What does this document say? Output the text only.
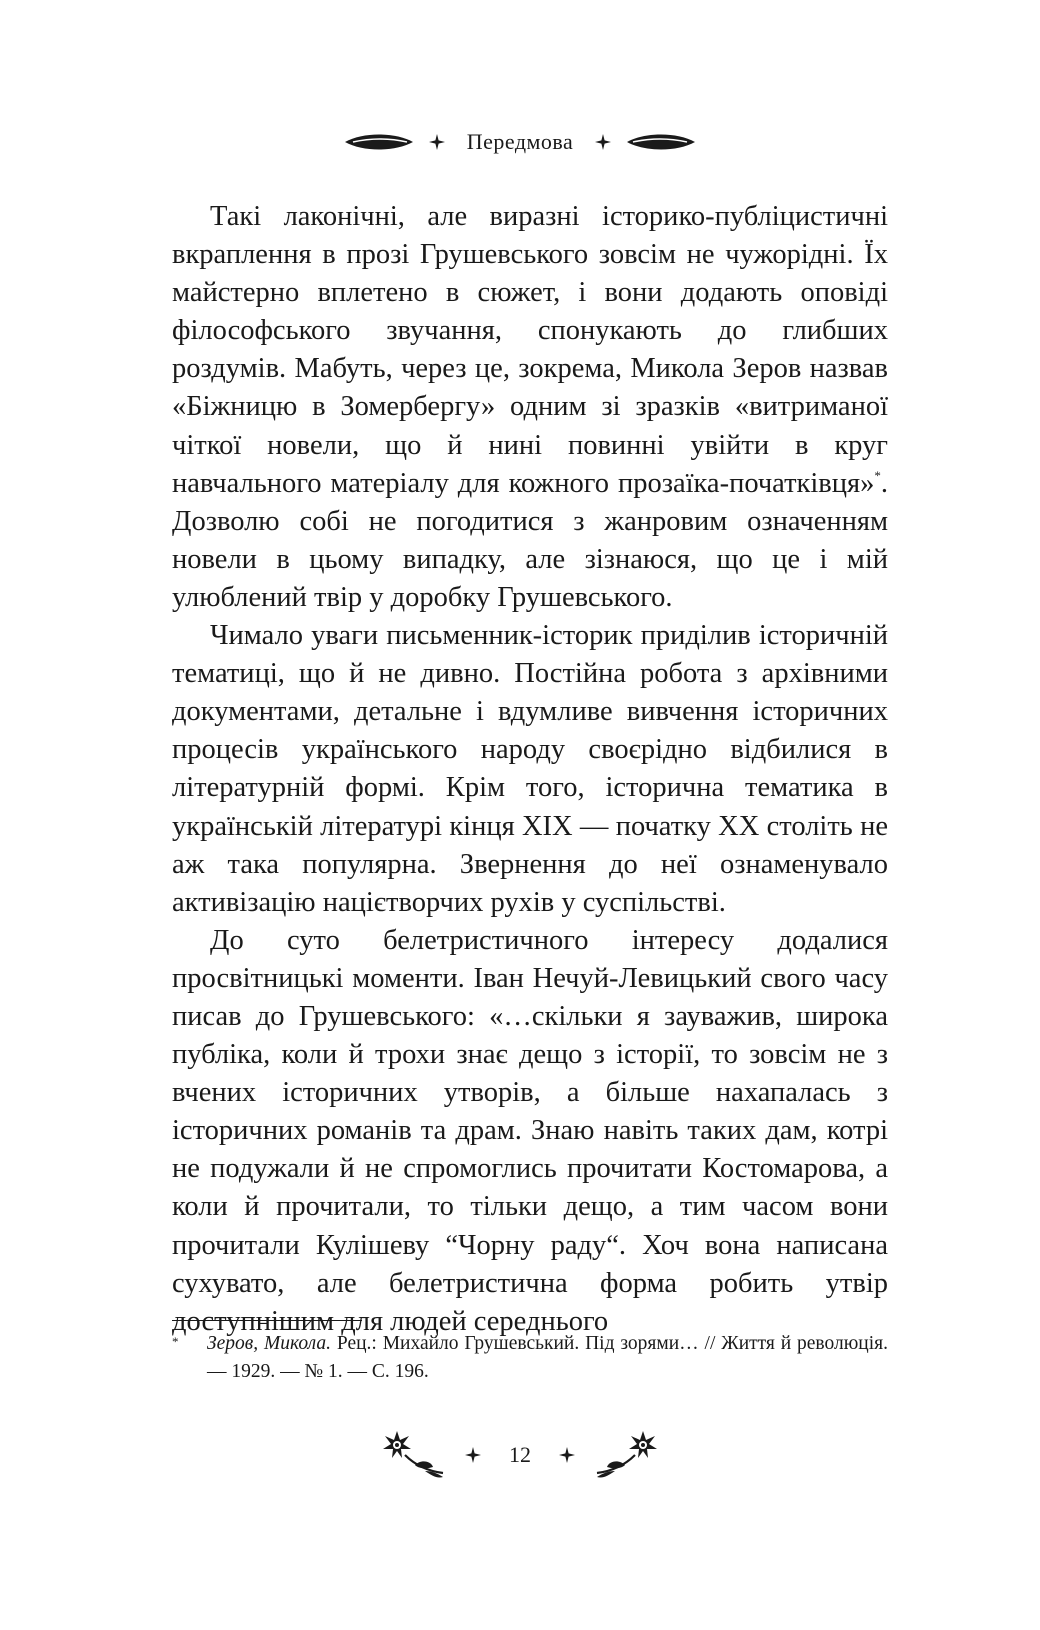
Передмова

Такі лаконічні, але виразні історико-публіцистичні вкраплення в прозі Грушевського зовсім не чужорідні. Їх майстерно вплетено в сюжет, і вони додають оповіді філософського звучання, спонукають до глибших роздумів. Мабуть, через це, зокрема, Микола Зеров назвав «Біжницю в Зомербергу» одним зі зразків «витриманої чіткої новели, що й нині повинні увійти в круг навчального матеріалу для кожного прозаїка-початківця»*. Дозволю собі не погодитися з жанровим означенням новели в цьому випадку, але зізнаюся, що це і мій улюблений твір у доробку Грушевського.

Чимало уваги письменник-історик приділив історичній тематиці, що й не дивно. Постійна робота з архівними документами, детальне і вдумливе вивчення історичних процесів українського народу своєрідно відбилися в літературній формі. Крім того, історична тематика в українській літературі кінця XIX — початку XX століть не аж така популярна. Звернення до неї ознаменувало активізацію націєтворчих рухів у суспільстві.

До суто белетристичного інтересу додалися просвітницькі моменти. Іван Нечуй-Левицький свого часу писав до Грушевського: «…скільки я зауважив, широка публіка, коли й трохи знає дещо з історії, то зовсім не з вчених історичних утворів, а більше нахапалась з історичних романів та драм. Знаю навіть таких дам, котрі не подужали й не спромоглись прочитати Костомарова, а коли й прочитали, то тільки дещо, а тим часом вони прочитали Кулішеву “Чорну раду“. Хоч вона написана сухувато, але белетристична форма робить утвір доступнішим для людей середнього

* Зеров, Микола. Рец.: Михайло Грушевський. Під зорями… // Життя й революція. — 1929. — № 1. — С. 196.

12
